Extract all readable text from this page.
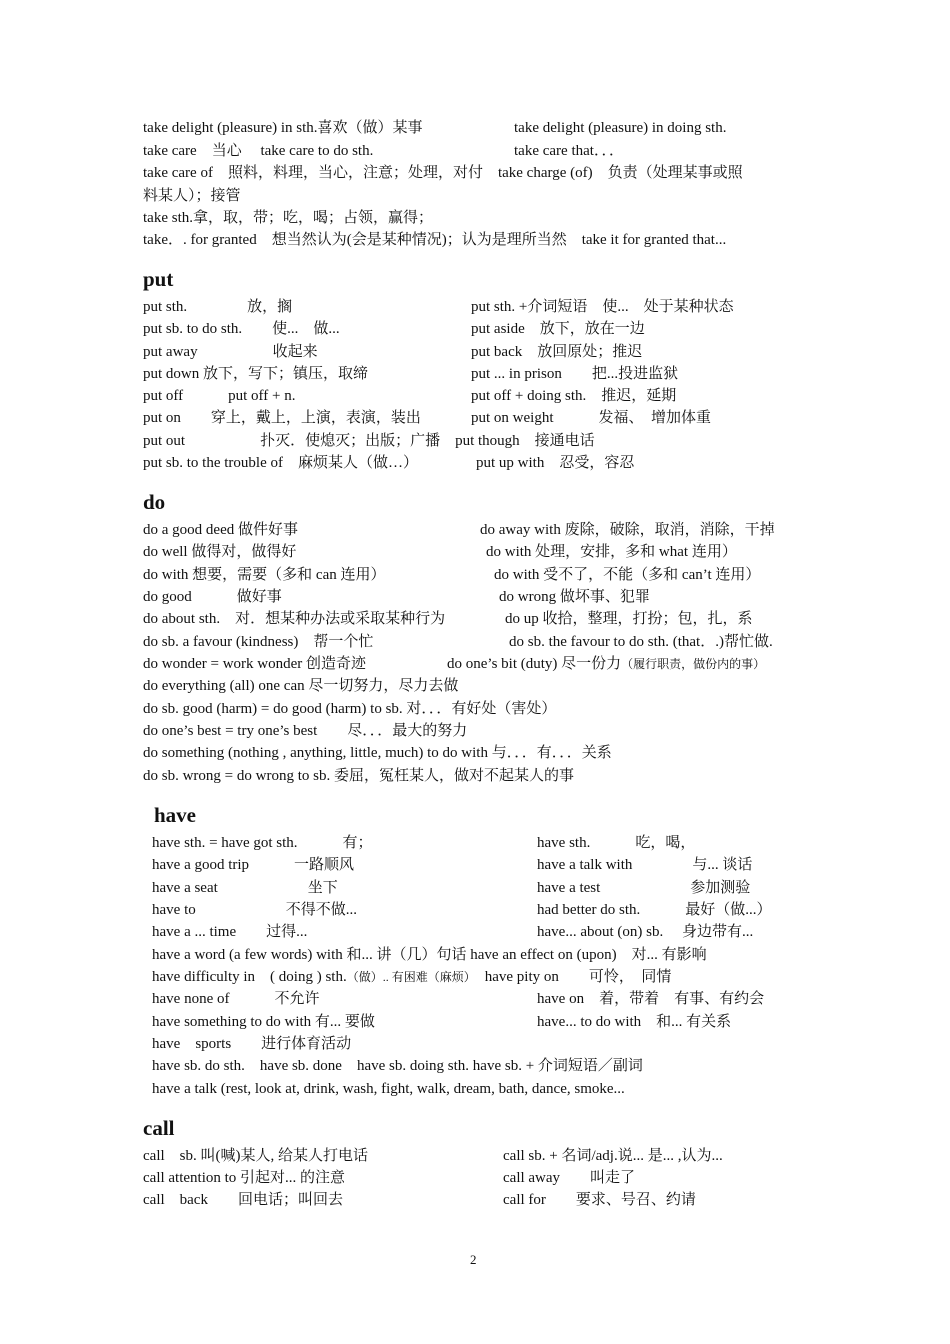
take delight (pleasure) in sth.喜欢（做）某事	take delight (pleasure) in doing sth.
take care　当心　 take care to do sth.	take care that．．．
take care of　照料，料理，当心，注意；处理，对付　take charge (of)　负责（处理某事或照
料某人）；接管
take sth.拿，取，带；吃，喝；占领，赢得；
take．. for granted　想当然认为(会是某种情况)；认为是理所当然　take it for granted that...
put
put sth.　　　　放，搁	put sth. +介词短语　使...　处于某种状态
put sb. to do sth.　　使...　做...	put aside　放下，放在一边
put away　　　　　收起来	put back　放回原处；推迟
put down 放下，写下；镇压，取缔	put ... in prison　　把...投进监狱
put off　　　put off + n.	put off + doing sth.　推迟，延期
put on　　穿上，戴上，上演，表演，装出	put on weight　　　发福、　增加体重
put out　　　　　扑灭．使熄灭；出版；广播　put though　接通电话
put sb. to the trouble of　麻烦某人（做…）	put up with　忍受，容忍
do
do a good deed 做件好事	do away with 废除，破除，取消，消除，干掉
do well 做得对，做得好	do with 处理，安排，多和 what 连用）
do with 想要，需要（多和 can 连用）	do with 受不了，不能（多和 can’t 连用）
do good　　　做好事	do wrong 做坏事、犯罪
do about sth.　对．想某种办法或采取某种行为	do up 收拾，整理，打扮；包，扎，系
do sb. a favour (kindness)　帮一个忙	do sb. the favour to do sth. (that．.)帮忙做.
do wonder = work wonder 创造奇迹	do one’s bit (duty) 尽一份力（履行职责，做份内的事）
do everything (all) one can 尽一切努力，尽力去做
do sb. good (harm) = do good (harm) to sb. 对．．．有好处（害处）
do one’s best = try one’s best　　尽．．．最大的努力
do something (nothing , anything, little, much) to do with 与．．．有．．．关系
do sb. wrong = do wrong to sb. 委屈，冤枉某人，做对不起某人的事
have
have sth. = have got sth.　　　有；	have sth.　　　吃，喝，
have a good trip　　　一路顺风	have a talk with　　　　与... 谈话
have a seat　　　　　　坐下	have a test　　　　　　参加测验
have to　　　　　　不得不做...	had better do sth.　　　最好（做...）
have a ... time　　过得...	have... about (on) sb.　 身边带有...
have a word (a few words) with 和... 讲（几）句话 have an effect on (upon)　对... 有影响
have difficulty in　( doing ) sth.（做）.. 有困难（麻烦）　have pity on　　可怜，　同情
have none of　　　不允许	have on　着，带着　有事、有约会
have something to do with 有... 要做	have... to do with　和... 有关系
have　sports　　进行体育活动
have sb. do sth.　have sb. done　have sb. doing sth. have sb. + 介词短语／副词
have a talk (rest, look at, drink, wash, fight, walk, dream, bath, dance, smoke...
call
call　sb. 叫(喊)某人, 给某人打电话	call sb. + 名词/adj.说... 是... ,认为...
call attention to 引起对... 的注意	call away　　叫走了
call　back　　回电话；叫回去	call for　　要求、号召、约请
2
